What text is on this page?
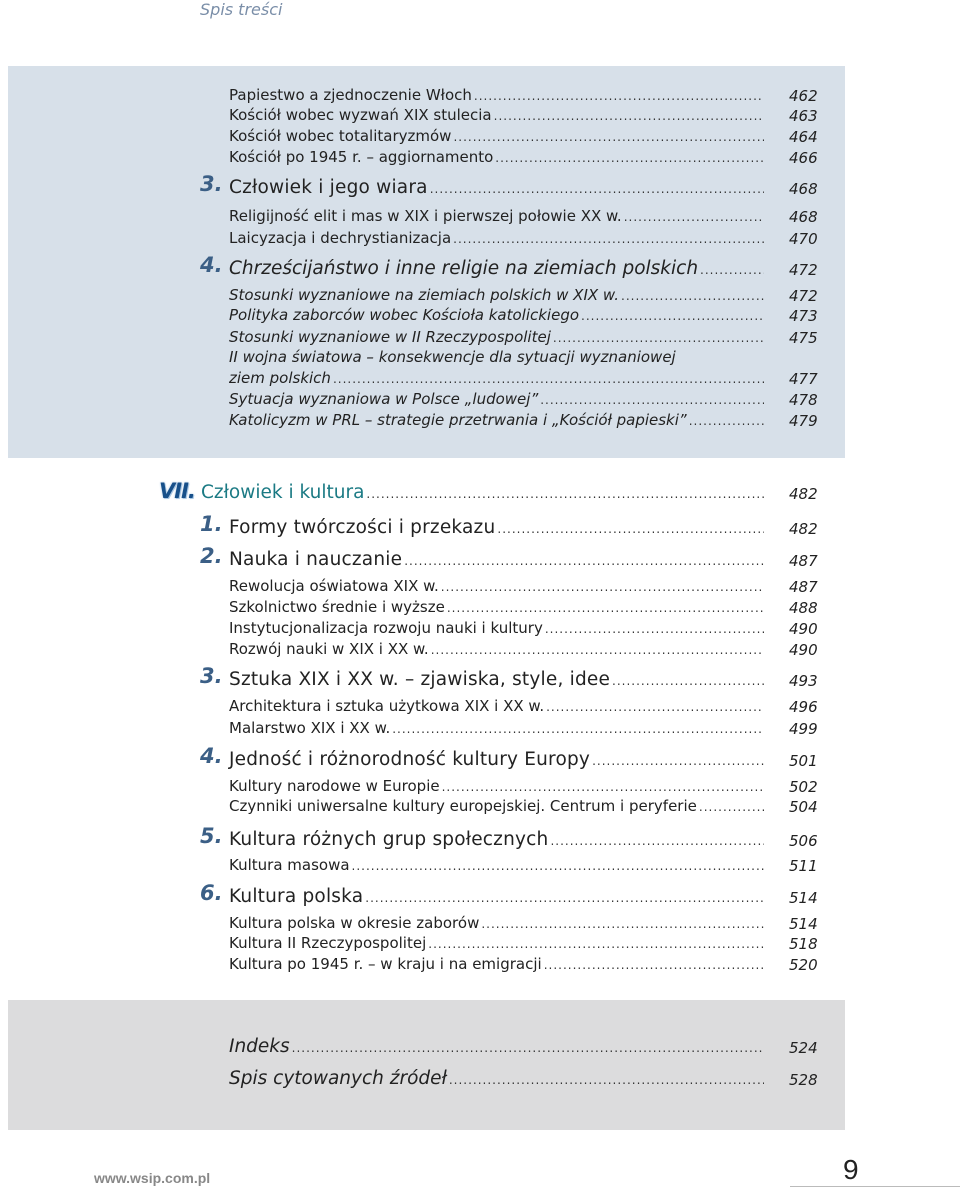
Spis treści
462
Papiestwo a zjednoczenie Włoch
.....
463
Kościół wobec wyzwań XIX stulecia
.....
464
Kościół wobec totalitaryzmów
.....
466
Kościół po 1945 r. – aggiornamento
.....
468
Człowiek i jego wiara
.....
3.
468
Religijność elit i mas w XIX i pierwszej połowie XX w.
.....
470
Laicyzacja i dechrystianizacja
.....
472
Chrześcijaństwo i inne religie na ziemiach polskich
.....
4.
472
Stosunki wyznaniowe na ziemiach polskich w XIX w.
.....
473
Polityka zaborców wobec Kościoła katolickiego
.....
475
Stosunki wyznaniowe w II Rzeczypospolitej
.....
II wojna światowa – konsekwencje dla sytuacji wyznaniowej
477
ziem polskich
.....
478
Sytuacja wyznaniowa w Polsce „ludowej”
.....
479
Katolicyzm w PRL – strategie przetrwania i „Kościół papieski”
.....
VII. Człowiek i kultura
.....	482
482
Formy twórczości i przekazu
.....
1.
487
Nauka i nauczanie
.....
2.
487
Rewolucja oświatowa XIX w.
.....
488
Szkolnictwo średnie i wyższe
.....
490
Instytucjonalizacja rozwoju nauki i kultury
.....
490
Rozwój nauki w XIX i XX w.
.....
493
Sztuka XIX i XX w. – zjawiska, style, idee
.....
3.
496
Architektura i sztuka użytkowa XIX i XX w.
.....
499
Malarstwo XIX i XX w.
.....
501
Jedność i różnorodność kultury Europy
.....
4.
502
Kultury narodowe w Europie
.....
504
Czynniki uniwersalne kultury europejskiej. Centrum i peryferie
.....
506
Kultura różnych grup społecznych
.....
5.
511
Kultura masowa
.....
514
Kultura polska
.....
6.
514
Kultura polska w okresie zaborów
.....
518
Kultura II Rzeczypospolitej
.....
520
Kultura po 1945 r. – w kraju i na emigracji
.....
524
Indeks
.....
528
Spis cytowanych źródeł
.....
www.wsip.com.pl	9
